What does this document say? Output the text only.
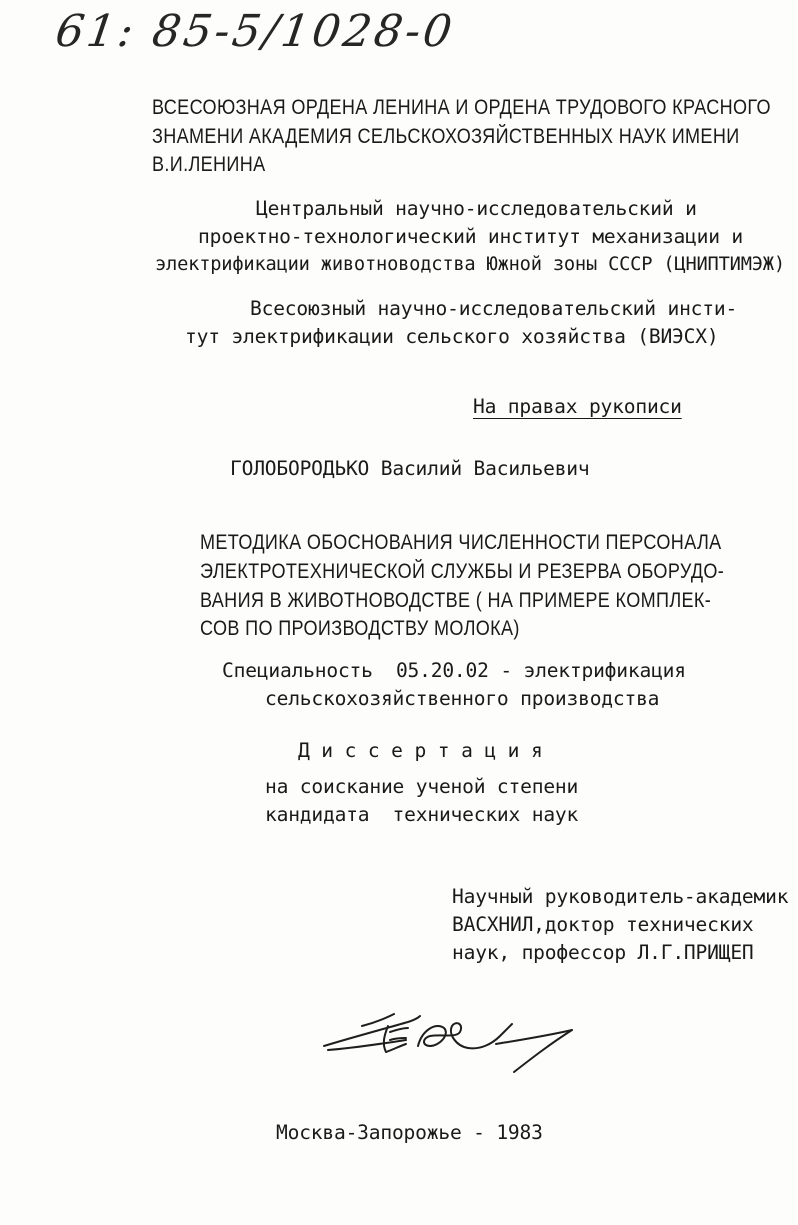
61: 85-5/1028-0
ВСЕСОЮЗНАЯ ОРДЕНА ЛЕНИНА И ОРДЕНА ТРУДОВОГО КРАСНОГО
ЗНАМЕНИ АКАДЕМИЯ СЕЛЬСКОХОЗЯЙСТВЕННЫХ НАУК ИМЕНИ
В.И.ЛЕНИНА
Центральный научно-исследовательский и
проектно-технологический институт механизации и
электрификации животноводства Южной зоны СССР (ЦНИПТИМЭЖ)
Всесоюзный научно-исследовательский инсти-
тут электрификации сельского хозяйства (ВИЭСХ)
На правах рукописи
ГОЛОБОРОДЬКО Василий Васильевич
МЕТОДИКА ОБОСНОВАНИЯ ЧИСЛЕННОСТИ ПЕРСОНАЛА
ЭЛЕКТРОТЕХНИЧЕСКОЙ СЛУЖБЫ И РЕЗЕРВА ОБОРУДО-
ВАНИЯ В ЖИВОТНОВОДСТВЕ ( НА ПРИМЕРЕ КОМПЛЕК-
СОВ ПО ПРОИЗВОДСТВУ МОЛОКА)
Специальность  05.20.02 - электрификация
сельскохозяйственного производства
Диссертация
на соискание ученой степени
кандидата  технических наук
Научный руководитель-академик
ВАСХНИЛ,доктор технических
наук, профессор Л.Г.ПРИЩЕП
Москва-Запорожье - 1983
